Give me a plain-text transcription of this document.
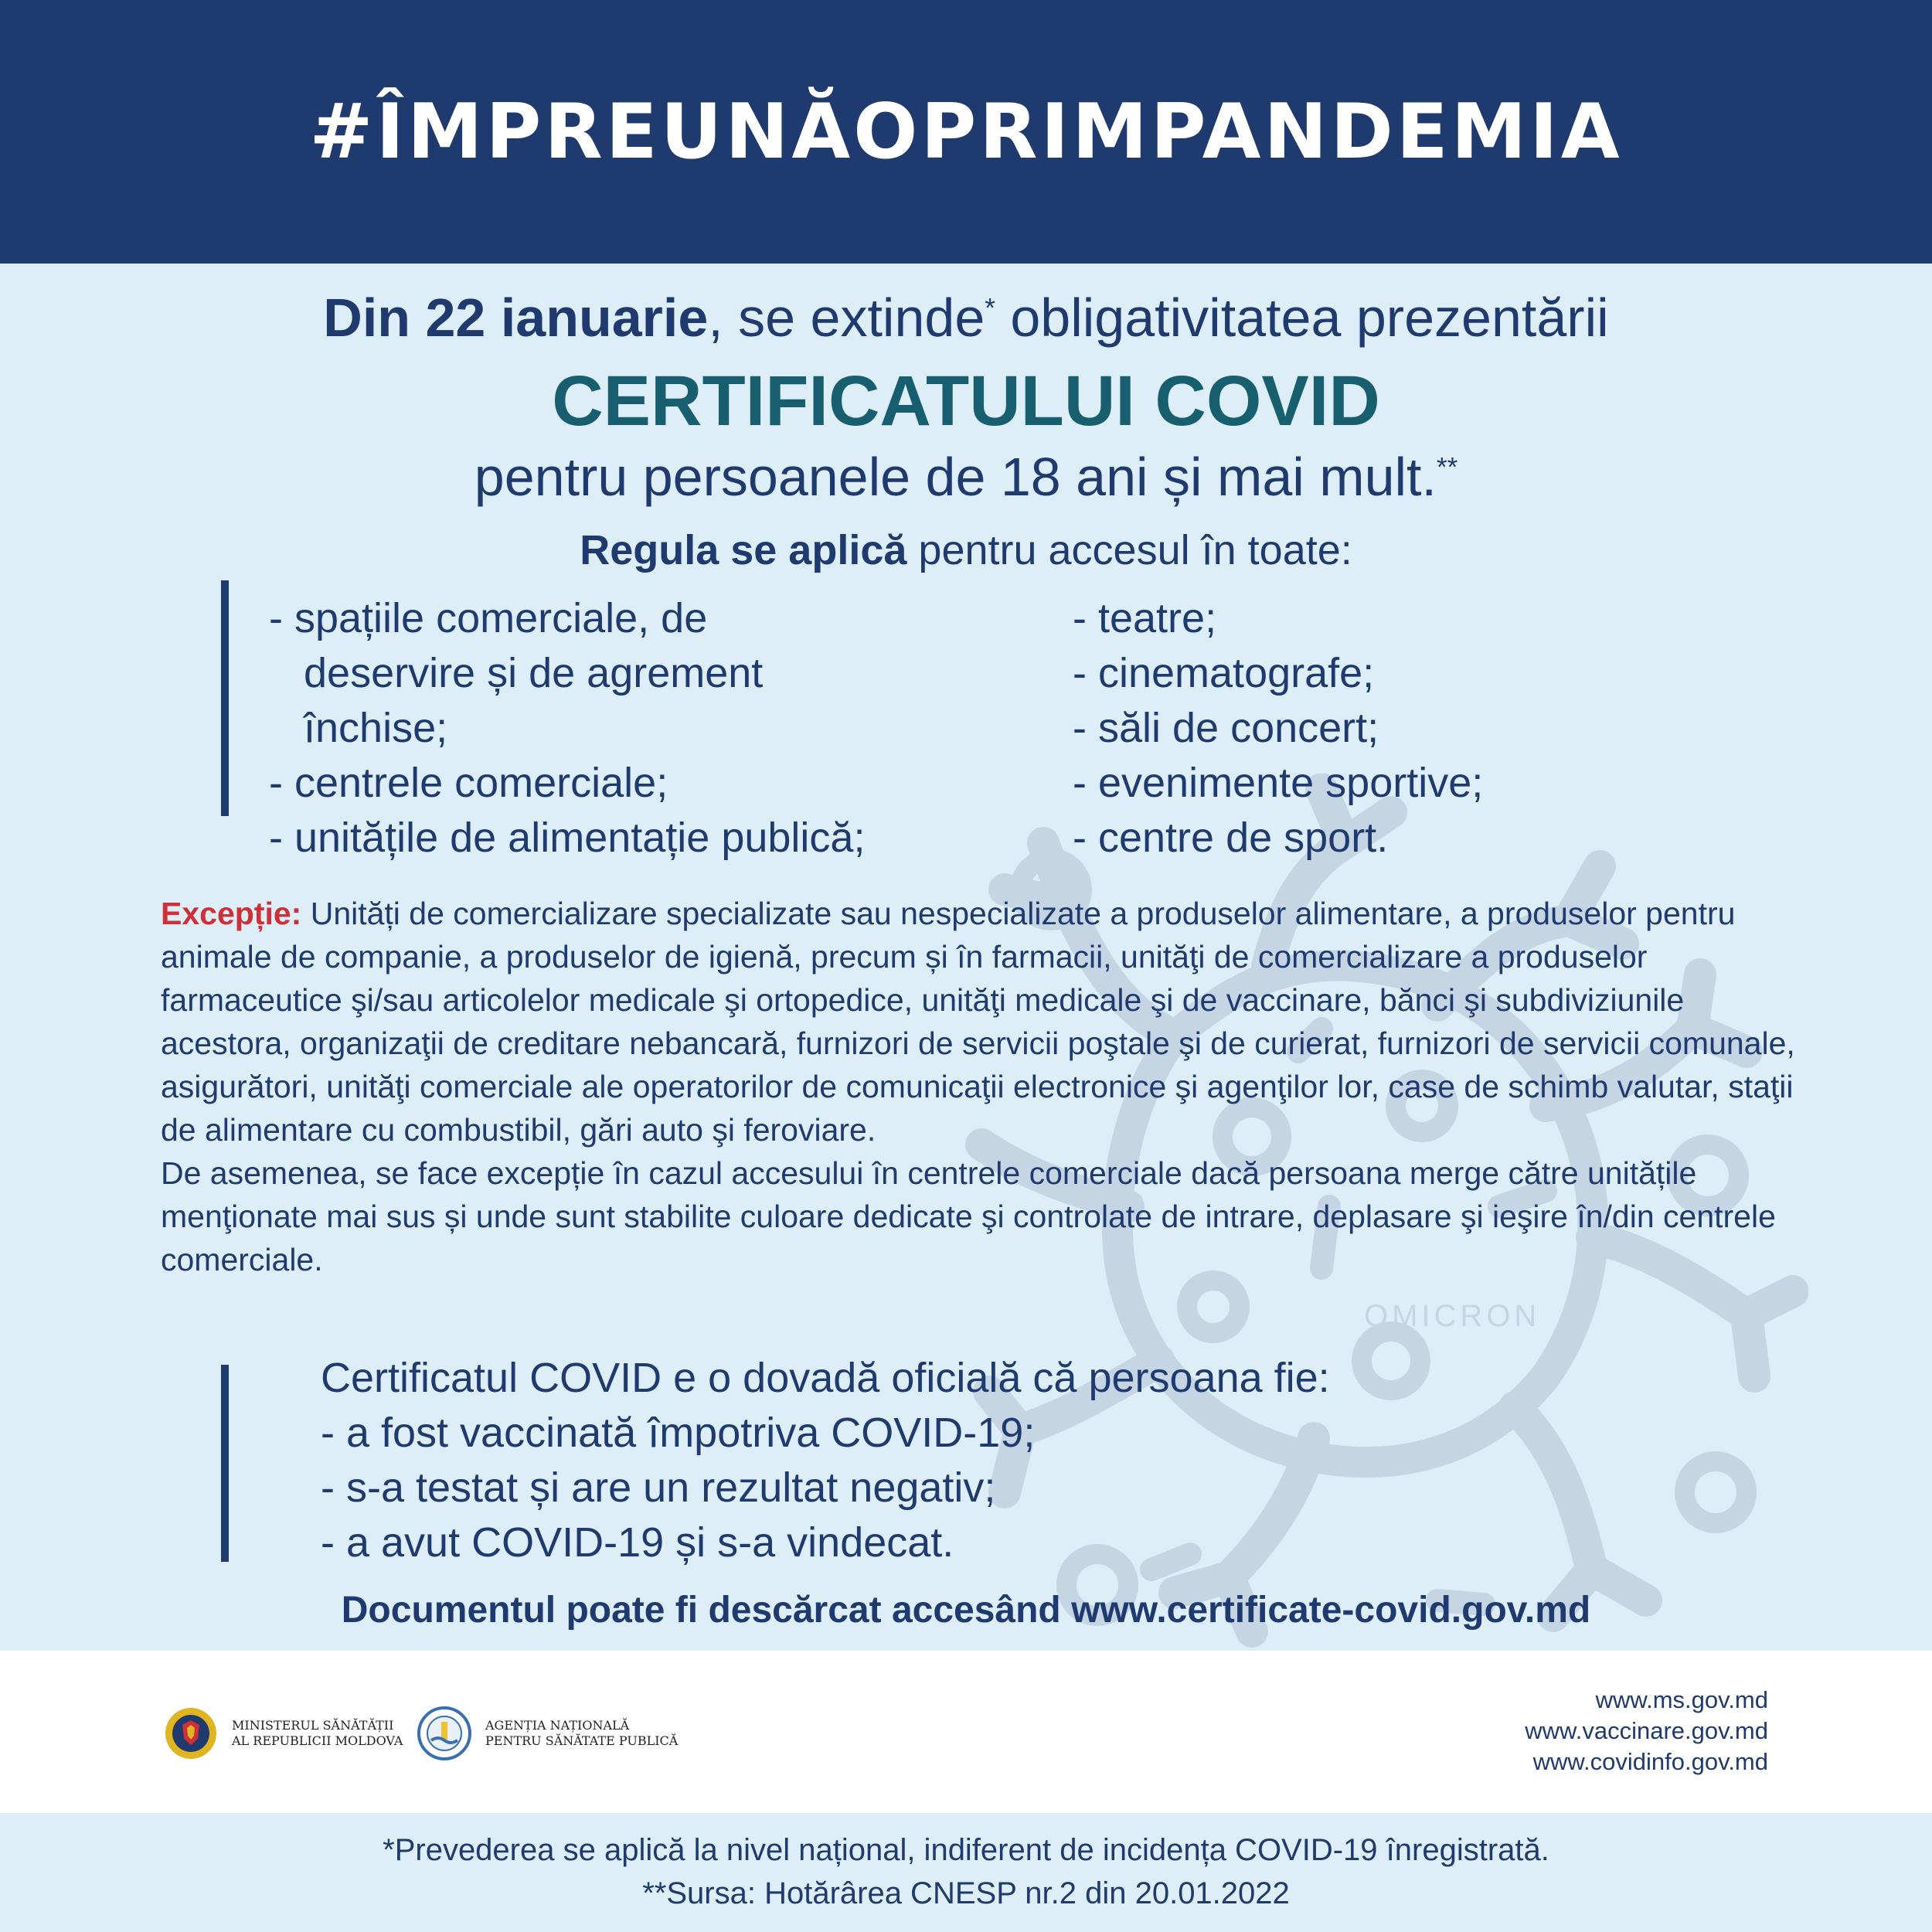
#ÎMPREUNĂOPRIMPANDEMIA
OMICRON
Din 22 ianuarie, se extinde* obligativitatea prezentării
CERTIFICATULUI COVID
pentru persoanele de 18 ani și mai mult.**
Regula se aplică pentru accesul în toate:
- spațiile comerciale, de
deservire și de agrement
închise;
- centrele comerciale;
- unitățile de alimentație publică;
- teatre;
- cinematografe;
- săli de concert;
- evenimente sportive;
- centre de sport.

Excepție: Unități de comercializare specializate sau nespecializate a produselor alimentare, a produselor pentru animale de companie, a produselor de igienă, precum și în farmacii, unităţi de comercializare a produselor farmaceutice şi/sau articolelor medicale şi ortopedice, unităţi medicale şi de vaccinare, bănci şi subdiviziunile acestora, organizaţii de creditare nebancară, furnizori de servicii poştale şi de curierat, furnizori de servicii comunale, asigurători, unităţi comerciale ale operatorilor de comunicaţii electronice şi agenţilor lor, case de schimb valutar, staţii de alimentare cu combustibil, gări auto şi feroviare.

De asemenea, se face excepție în cazul accesului în centrele comerciale dacă persoana merge către unitățile menţionate mai sus și unde sunt stabilite culoare dedicate şi controlate de intrare, deplasare şi ieşire în/din centrele comerciale.

Certificatul COVID e o dovadă oficială că persoana fie:
- a fost vaccinată împotriva COVID-19;
- s-a testat și are un rezultat negativ;
- a avut COVID-19 și s-a vindecat.
Documentul poate fi descărcat accesând www.certificate-covid.gov.md
MINISTERUL SĂNĂTĂȚII
AL REPUBLICII MOLDOVA
AGENȚIA NAȚIONALĂ
PENTRU SĂNĂTATE PUBLICĂ
www.ms.gov.md
www.vaccinare.gov.md
www.covidinfo.gov.md
*Prevederea se aplică la nivel național, indiferent de incidența COVID-19 înregistrată.
**Sursa: Hotărârea CNESP nr.2 din 20.01.2022
